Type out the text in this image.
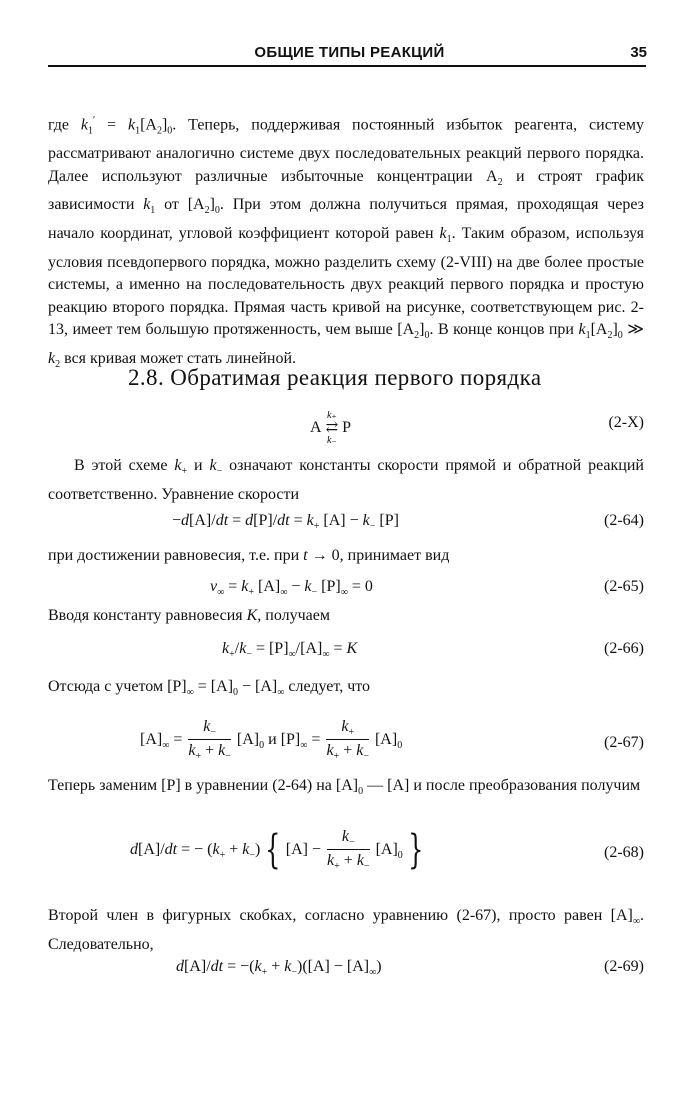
ОБЩИЕ ТИПЫ РЕАКЦИЙ	35
где $k_1' = k_1[A_2]_0$. Теперь, поддерживая постоянный избыток реагента, систему рассматривают аналогично системе двух последовательных реакций первого порядка. Далее используют различные избыточные концентрации $A_2$ и строят график зависимости $k_1$ от $[A_2]_0$. При этом должна получиться прямая, проходящая через начало координат, угловой коэффициент которой равен $k_1$. Таким образом, используя условия псевдопервого порядка, можно разделить схему (2-VIII) на две более простые системы, а именно на последовательность двух реакций первого порядка и простую реакцию второго порядка. Прямая часть кривой на рисунке, соответствующем рис. 2-13, имеет тем большую протяженность, чем выше $[A_2]_0$. В конце концов при $k_1[A_2]_0$ ≫ $k_2$ вся кривая может стать линейной.
2.8. Обратимая реакция первого порядка
A
k₊
⇄
k₋
P	(2-X)
В этой схеме $k_+$ и $k_-$ означают константы скорости прямой и обратной реакций соответственно. Уравнение скорости
$-d[A]/dt = d[P]/dt = k_+$ $[A] - k_-$ [P]	(2-64)
при достижении равновесия, т.е. при t → 0, принимает вид
$v_\infty = k_+$ $[A]_\infty - k_-$ $[P]_\infty = 0$	(2-65)
Вводя константу равновесия K, получаем
$k_+/k_- = [P]_\infty/[A]_\infty = K$	(2-66)
Отсюда с учетом $[P]_\infty = [A]_0 - [A]_\infty$ следует, что
$[A]_\infty = \frac{k_-}{k_+ + k_-} [A]_0$ и $[P]_\infty = \frac{k_+}{k_+ + k_-} [A]_0$	(2-67)
Теперь заменим [P] в уравнении (2-64) на $[A]_0$ — [A] и после преобразования получим
d[A]/dt = − $(k_+ + k_-)$ { $[A] - \frac{k_-}{k_+ + k_-} [A]_0$ }	(2-68)
Второй член в фигурных скобках, согласно уравнению (2-67), просто равен $[A]_\infty$. Следовательно,
$d[A]/dt = -(k_+ + k_-)([A] - [A]_\infty)$	(2-69)
